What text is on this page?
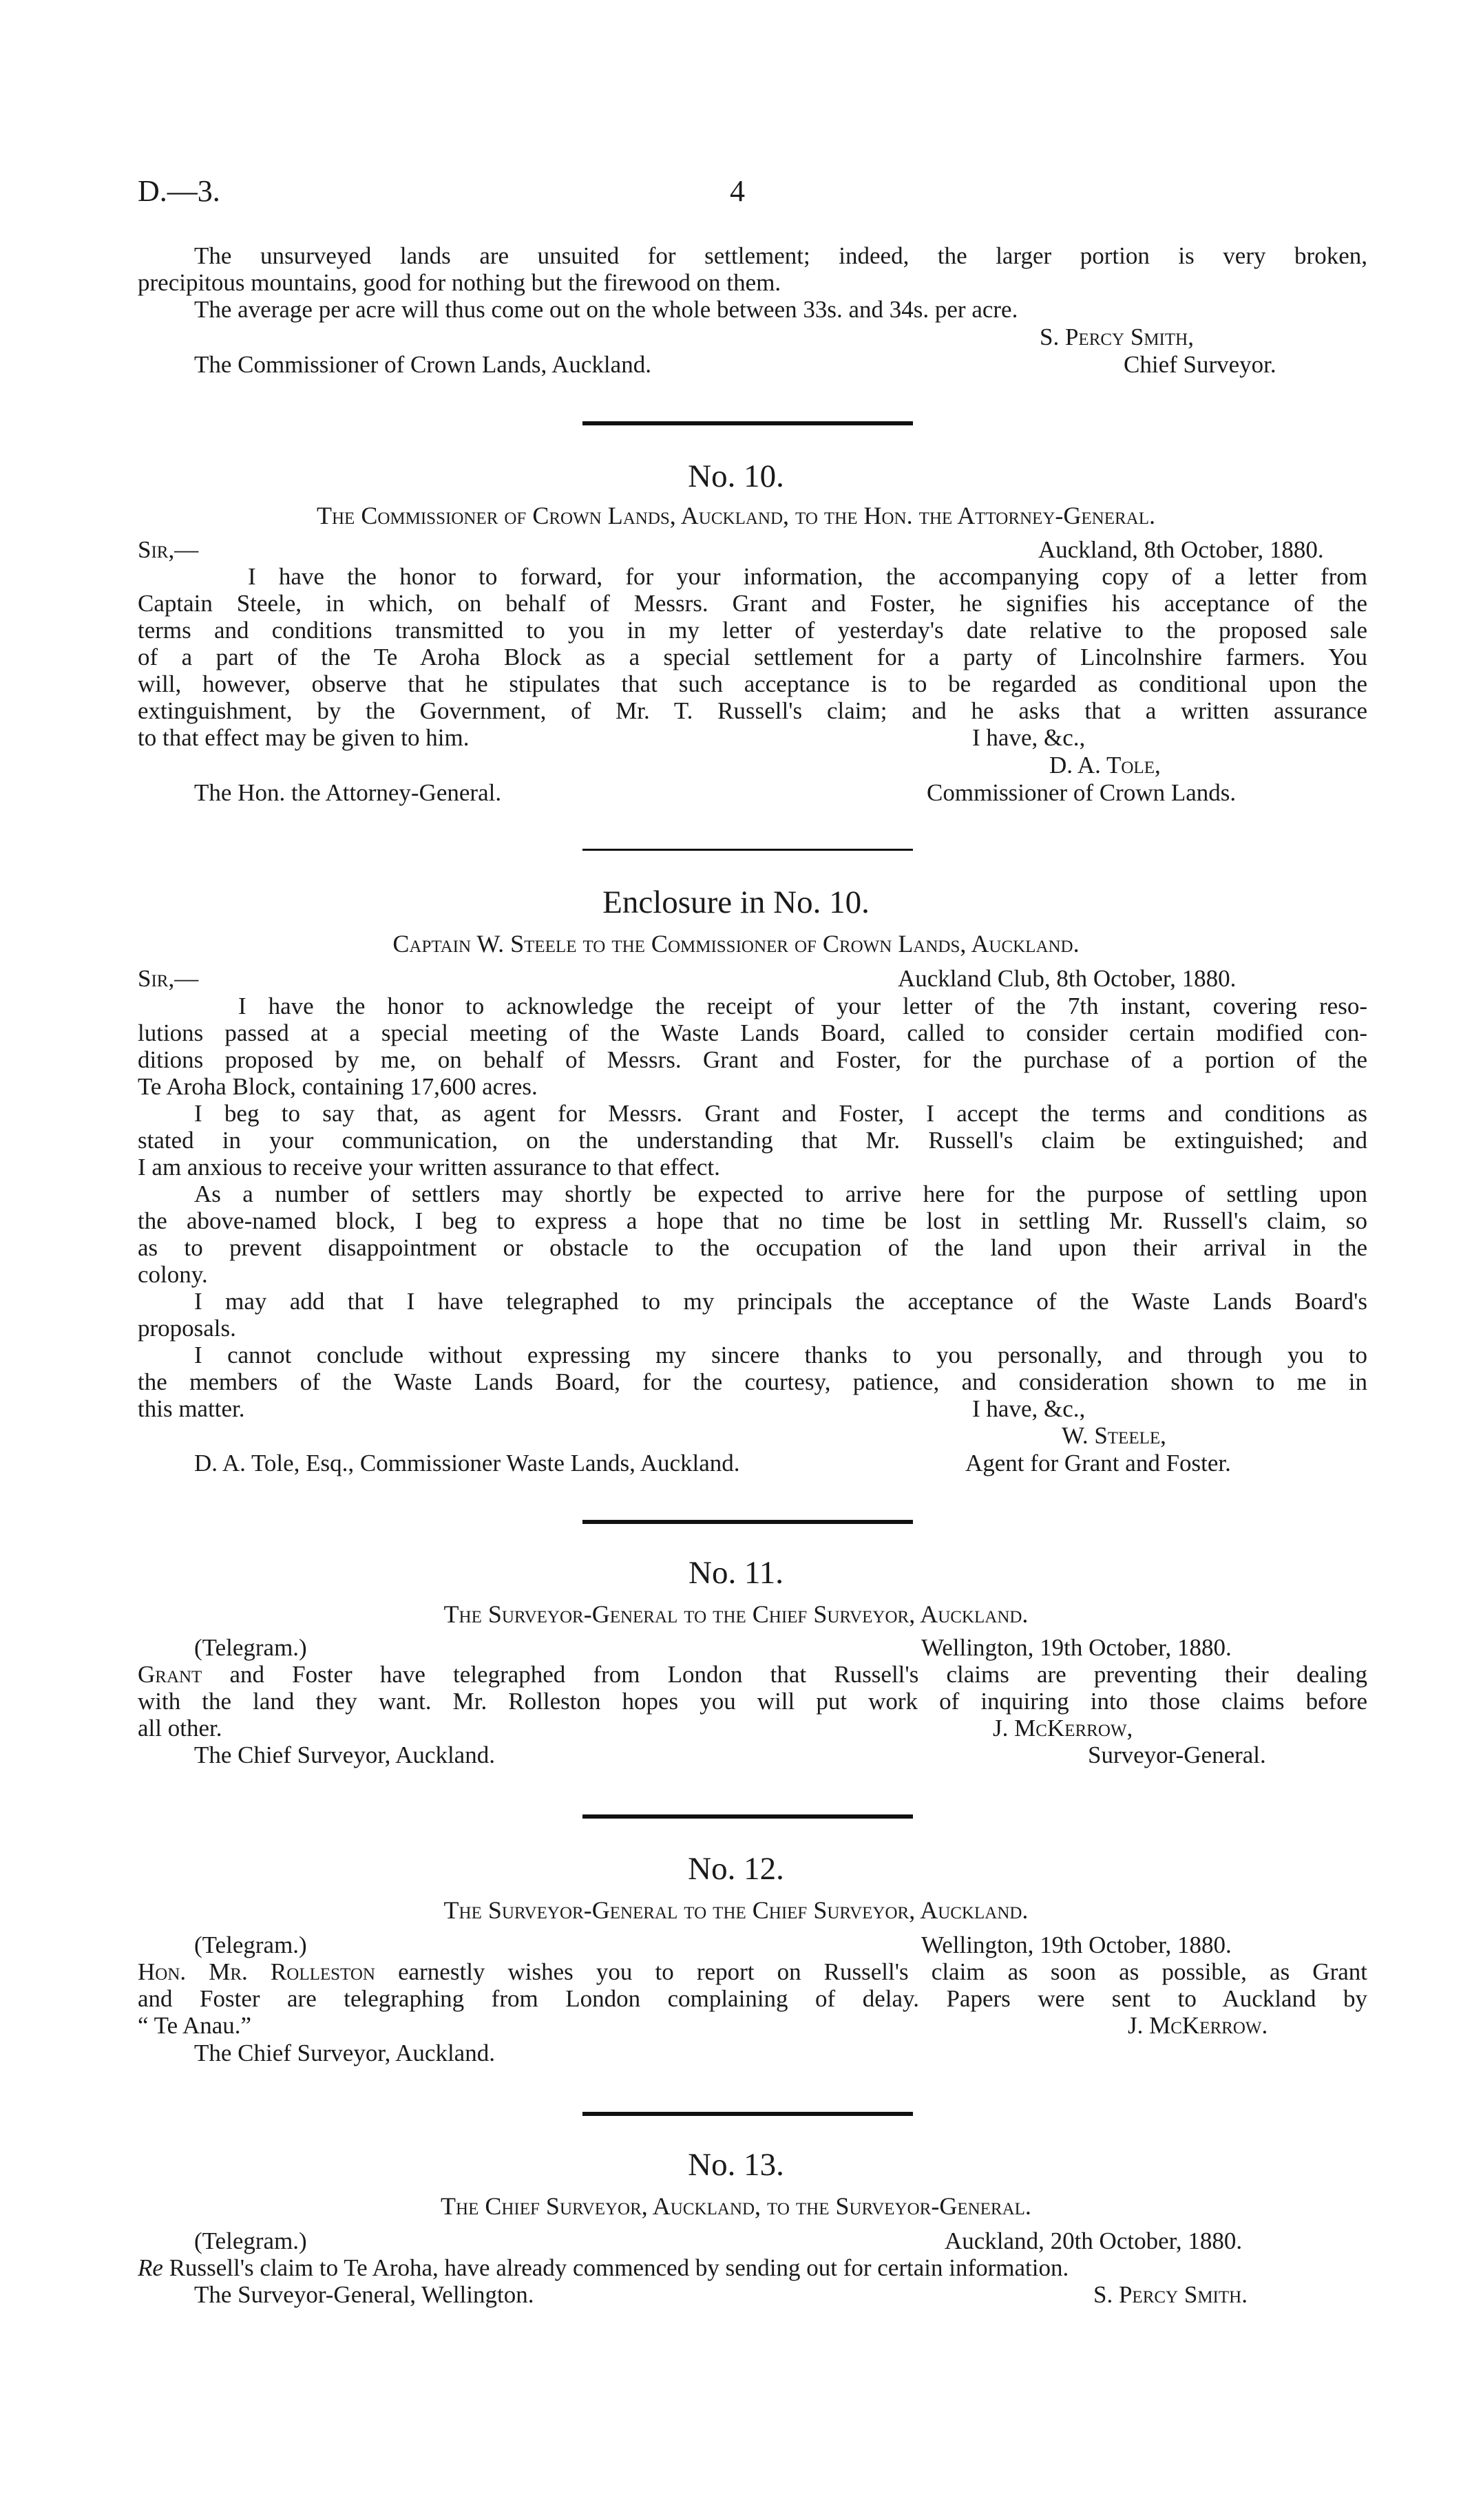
D.—3.	4
The unsurveyed lands are unsuited for settlement; indeed, the larger portion is very broken,
precipitous mountains, good for nothing but the firewood on them.
The average per acre will thus come out on the whole between 33s. and 34s. per acre.
S. Percy Smith,
The Commissioner of Crown Lands, Auckland.	Chief Surveyor.
No. 10.
The Commissioner of Crown Lands, Auckland, to the Hon. the Attorney-General.
Sir,—	Auckland, 8th October, 1880.
I have the honor to forward, for your information, the accompanying copy of a letter from
Captain Steele, in which, on behalf of Messrs. Grant and Foster, he signifies his acceptance of the
terms and conditions transmitted to you in my letter of yesterday's date relative to the proposed sale
of a part of the Te Aroha Block as a special settlement for a party of Lincolnshire farmers. You
will, however, observe that he stipulates that such acceptance is to be regarded as conditional upon the
extinguishment, by the Government, of Mr. T. Russell's claim; and he asks that a written assurance
to that effect may be given to him.	I have, &c.,
D. A. Tole,
The Hon. the Attorney-General.	Commissioner of Crown Lands.
Enclosure in No. 10.
Captain W. Steele to the Commissioner of Crown Lands, Auckland.
Sir,—	Auckland Club, 8th October, 1880.
I have the honor to acknowledge the receipt of your letter of the 7th instant, covering reso-
lutions passed at a special meeting of the Waste Lands Board, called to consider certain modified con-
ditions proposed by me, on behalf of Messrs. Grant and Foster, for the purchase of a portion of the
Te Aroha Block, containing 17,600 acres.
I beg to say that, as agent for Messrs. Grant and Foster, I accept the terms and conditions as
stated in your communication, on the understanding that Mr. Russell's claim be extinguished; and
I am anxious to receive your written assurance to that effect.
As a number of settlers may shortly be expected to arrive here for the purpose of settling upon
the above-named block, I beg to express a hope that no time be lost in settling Mr. Russell's claim, so
as to prevent disappointment or obstacle to the occupation of the land upon their arrival in the
colony.
I may add that I have telegraphed to my principals the acceptance of the Waste Lands Board's
proposals.
I cannot conclude without expressing my sincere thanks to you personally, and through you to
the members of the Waste Lands Board, for the courtesy, patience, and consideration shown to me in
this matter.	I have, &c.,
W. Steele,
D. A. Tole, Esq., Commissioner Waste Lands, Auckland.	Agent for Grant and Foster.
No. 11.
The Surveyor-General to the Chief Surveyor, Auckland.
(Telegram.)	Wellington, 19th October, 1880.
Grant and Foster have telegraphed from London that Russell's claims are preventing their dealing
with the land they want. Mr. Rolleston hopes you will put work of inquiring into those claims before
all other.	J. McKerrow,
The Chief Surveyor, Auckland.	Surveyor-General.
No. 12.
The Surveyor-General to the Chief Surveyor, Auckland.
(Telegram.)	Wellington, 19th October, 1880.
Hon. Mr. Rolleston earnestly wishes you to report on Russell's claim as soon as possible, as Grant
and Foster are telegraphing from London complaining of delay. Papers were sent to Auckland by
“ Te Anau.”	J. McKerrow.
The Chief Surveyor, Auckland.
No. 13.
The Chief Surveyor, Auckland, to the Surveyor-General.
(Telegram.)	Auckland, 20th October, 1880.
Re Russell's claim to Te Aroha, have already commenced by sending out for certain information.
The Surveyor-General, Wellington.	S. Percy Smith.
